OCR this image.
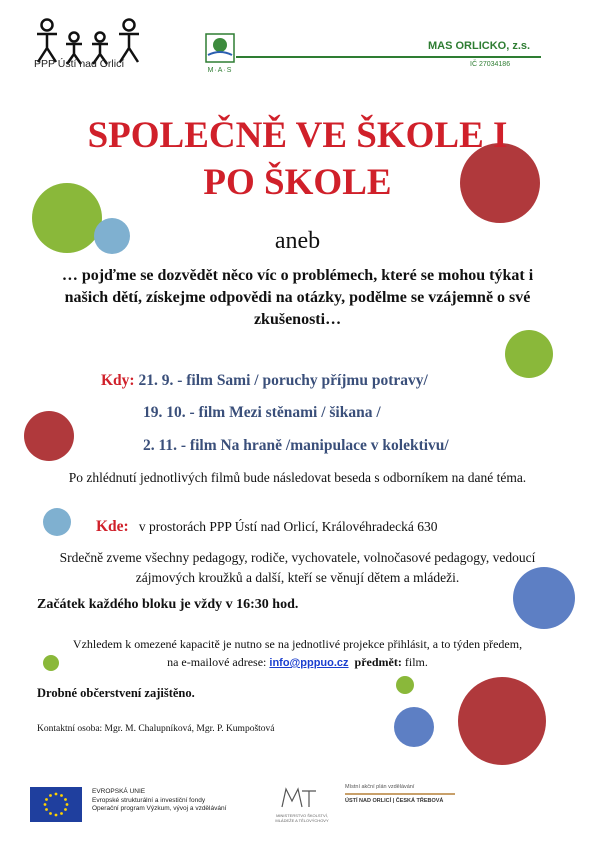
PPP Ústí nad Orlicí
M·A·S
MAS ORLICKO, z.s.
IČ 27034186
SPOLEČNĚ VE ŠKOLE I
PO ŠKOLE
aneb
… pojďme se dozvědět něco víc o problémech, které se mohou týkat i našich dětí, získejme odpovědi na otázky, podělme se vzájemně o své zkušenosti…
Kdy: 21. 9. - film Sami / poruchy příjmu potravy/
19. 10. - film Mezi stěnami / šikana /
2. 11. - film Na hraně /manipulace v kolektivu/
Po zhlédnutí jednotlivých filmů bude následovat beseda s odborníkem na dané téma.
Kde: v prostorách PPP Ústí nad Orlicí, Královéhradecká 630
Srdečně zveme všechny pedagogy, rodiče, vychovatele, volnočasové pedagogy, vedoucí zájmových kroužků a další, kteří se věnují dětem a mládeži.
Začátek každého bloku je vždy v 16:30 hod.
Vzhledem k omezené kapacitě je nutno se na jednotlivé projekce přihlásit, a to týden předem,
na e-mailové adrese: info@pppuo.cz předmět: film.
Drobné občerstvení zajištěno.
Kontaktní osoba: Mgr. M. Chalupníková, Mgr. P. Kumpoštová
EVROPSKÁ UNIE
Evropské strukturální a investiční fondy
Operační program Výzkum, vývoj a vzdělávání
MINISTERSTVO ŠKOLSTVÍ,
MLÁDEŽE A TĚLOVÝCHOVY
Místní akční plán vzdělávání
ÚSTÍ NAD ORLICÍ | ČESKÁ TŘEBOVÁ
